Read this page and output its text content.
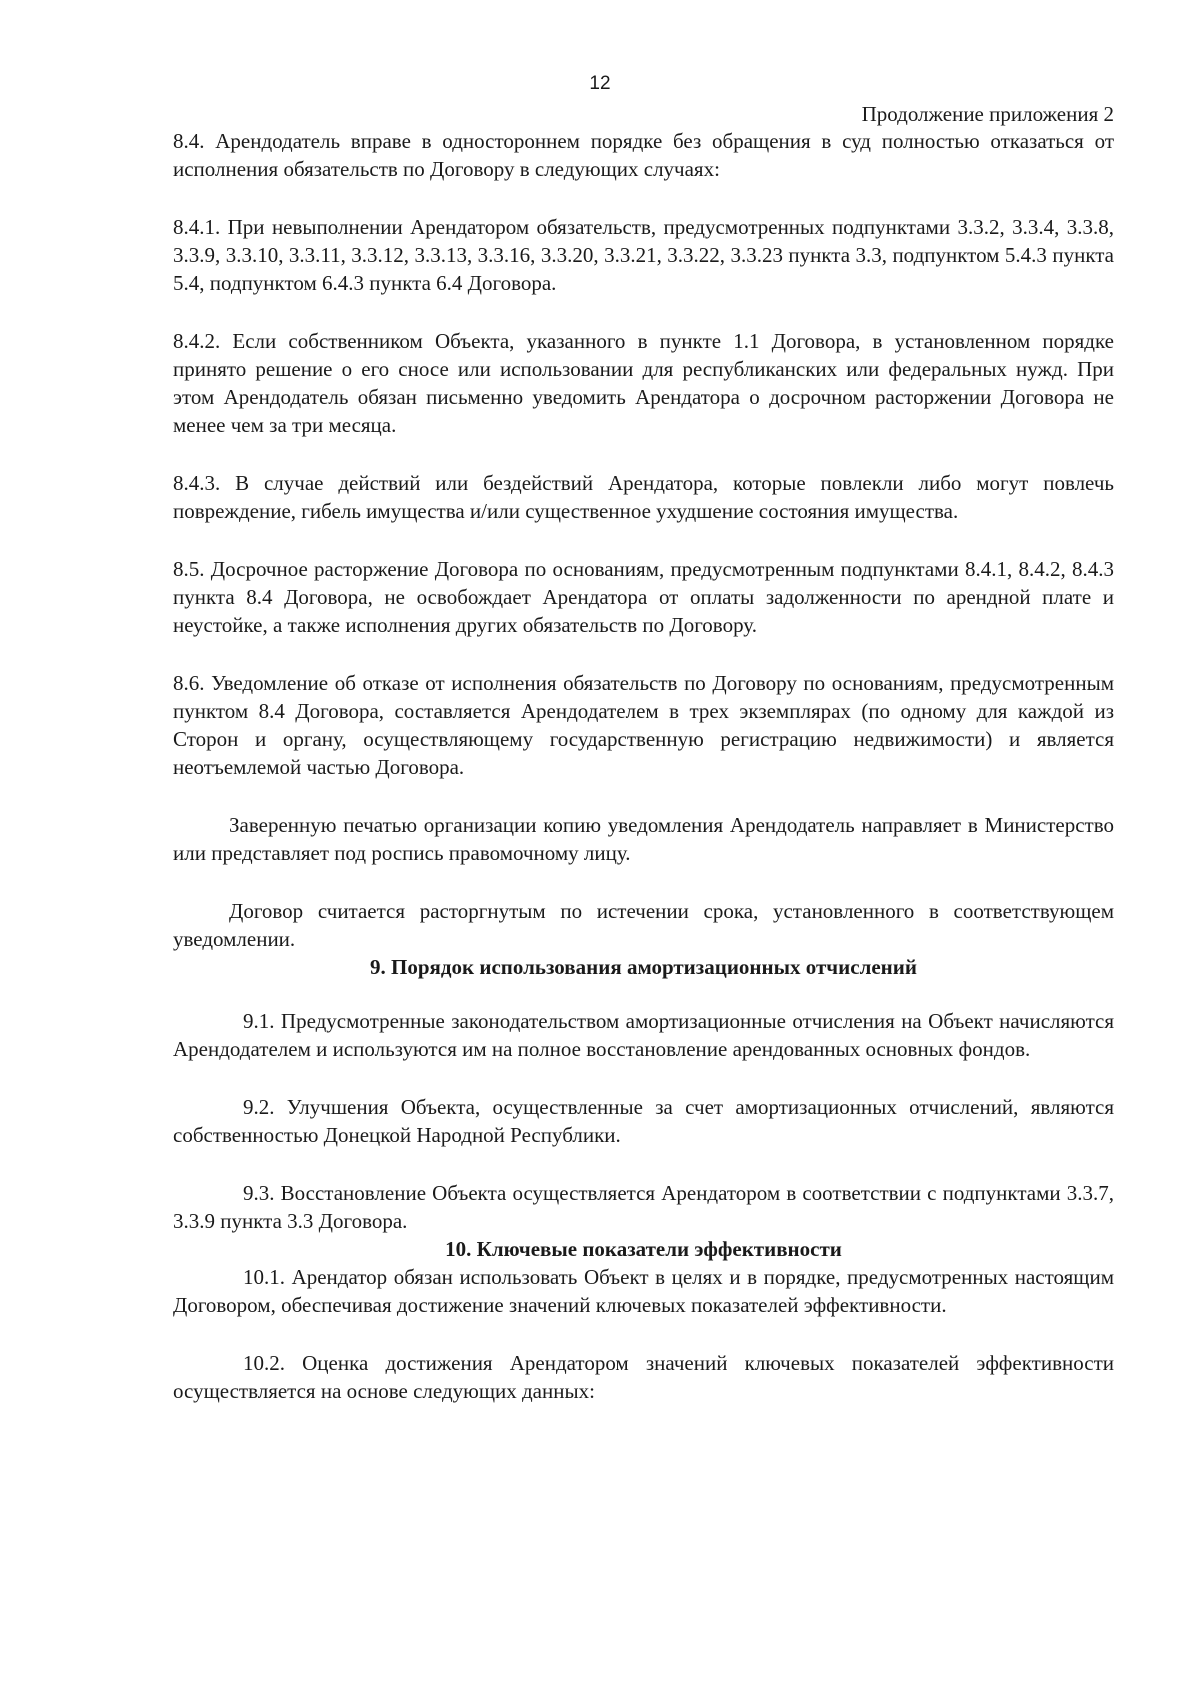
12
Продолжение приложения 2

8.4. Арендодатель вправе в одностороннем порядке без обращения в суд полностью отказаться от исполнения обязательств по Договору в следующих случаях:

8.4.1. При невыполнении Арендатором обязательств, предусмотренных подпунктами 3.3.2, 3.3.4, 3.3.8, 3.3.9, 3.3.10, 3.3.11, 3.3.12, 3.3.13, 3.3.16, 3.3.20, 3.3.21, 3.3.22, 3.3.23 пункта 3.3, подпунктом 5.4.3 пункта 5.4, подпунктом 6.4.3 пункта 6.4 Договора.

8.4.2. Если собственником Объекта, указанного в пункте 1.1 Договора, в установленном порядке принято решение о его сносе или использовании для республиканских или федеральных нужд. При этом Арендодатель обязан письменно уведомить Арендатора о досрочном расторжении Договора не менее чем за три месяца.

8.4.3. В случае действий или бездействий Арендатора, которые повлекли либо могут повлечь повреждение, гибель имущества и/или существенное ухудшение состояния имущества.

8.5. Досрочное расторжение Договора по основаниям, предусмотренным подпунктами 8.4.1, 8.4.2, 8.4.3 пункта 8.4 Договора, не освобождает Арендатора от оплаты задолженности по арендной плате и неустойке, а также исполнения других обязательств по Договору.

8.6. Уведомление об отказе от исполнения обязательств по Договору по основаниям, предусмотренным пунктом 8.4 Договора, составляется Арендодателем в трех экземплярах (по одному для каждой из Сторон и органу, осуществляющему государственную регистрацию недвижимости) и является неотъемлемой частью Договора.

Заверенную печатью организации копию уведомления Арендодатель направляет в Министерство или представляет под роспись правомочному лицу.

Договор считается расторгнутым по истечении срока, установленного в соответствующем уведомлении.

9. Порядок использования амортизационных отчислений

9.1. Предусмотренные законодательством амортизационные отчисления на Объект начисляются Арендодателем и используются им на полное восстановление арендованных основных фондов.

9.2. Улучшения Объекта, осуществленные за счет амортизационных отчислений, являются собственностью Донецкой Народной Республики.

9.3. Восстановление Объекта осуществляется Арендатором в соответствии с подпунктами 3.3.7, 3.3.9 пункта 3.3 Договора.

10. Ключевые показатели эффективности

10.1. Арендатор обязан использовать Объект в целях и в порядке, предусмотренных настоящим Договором, обеспечивая достижение значений ключевых показателей эффективности.

10.2. Оценка достижения Арендатором значений ключевых показателей эффективности осуществляется на основе следующих данных:
